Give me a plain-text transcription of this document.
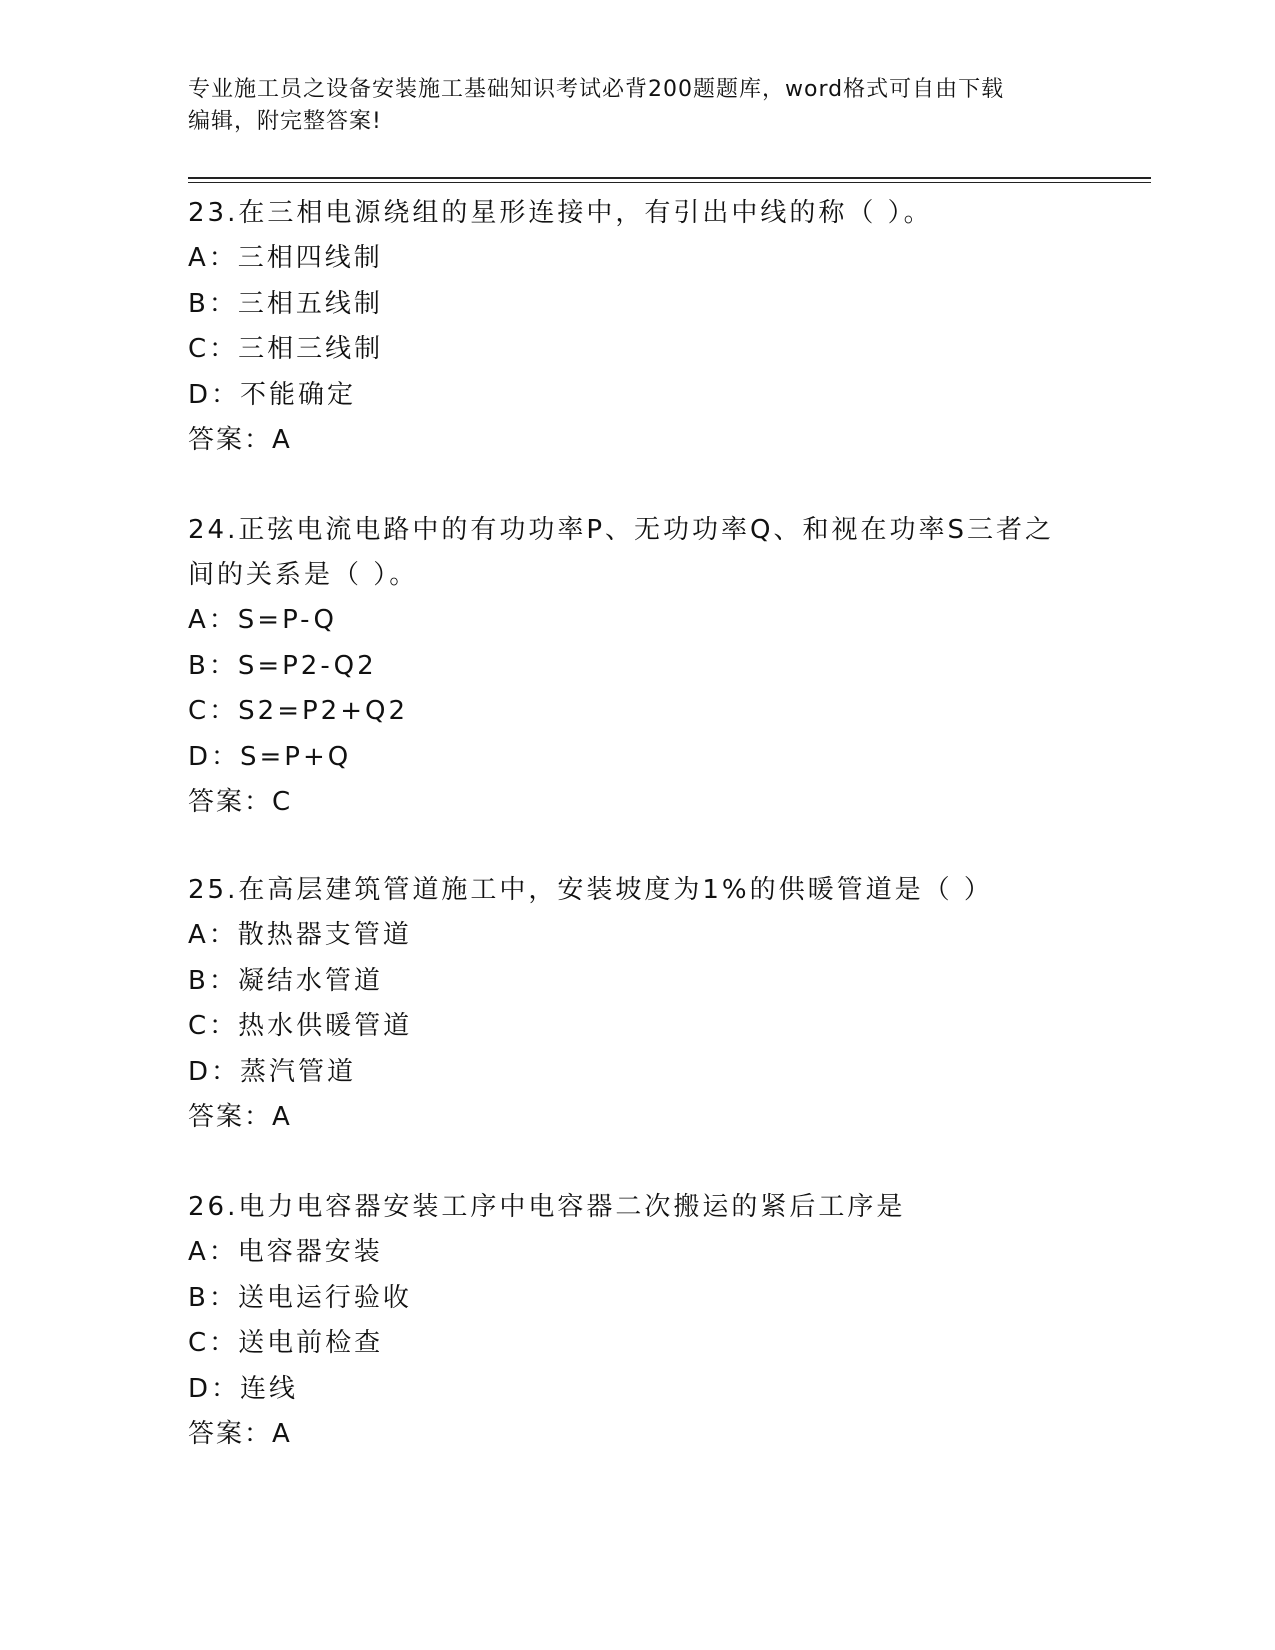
专业施工员之设备安装施工基础知识考试必背200题题库，word格式可自由下载
编辑，附完整答案!

23.在三相电源绕组的星形连接中，有引出中线的称（ ）。

A：三相四线制

B：三相五线制

C：三相三线制

D：不能确定

答案：A

24.正弦电流电路中的有功功率P、无功功率Q、和视在功率S三者之

间的关系是（ ）。

A：S=P-Q

B：S=P2-Q2

C：S2=P2+Q2

D：S=P+Q

答案：C

25.在高层建筑管道施工中，安装坡度为1%的供暖管道是（ ）

A：散热器支管道

B：凝结水管道

C：热水供暖管道

D：蒸汽管道

答案：A

26.电力电容器安装工序中电容器二次搬运的紧后工序是

A：电容器安装

B：送电运行验收

C：送电前检查

D：连线

答案：A
